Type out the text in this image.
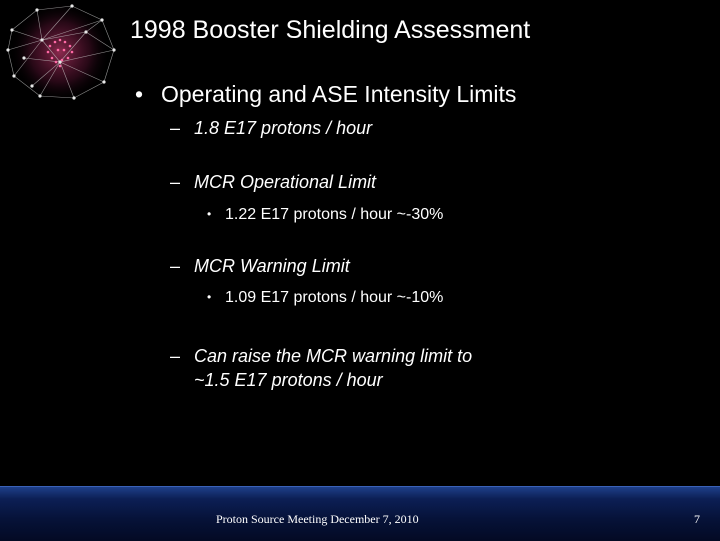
1998 Booster Shielding Assessment
• Operating and ASE Intensity Limits
– 1.8 E17 protons / hour
– MCR Operational Limit
• 1.22 E17 protons / hour ~-30%
– MCR Warning Limit
• 1.09 E17 protons / hour ~-10%
– Can raise the MCR warning limit to
~1.5 E17 protons / hour
Proton Source Meeting December 7, 2010	7
